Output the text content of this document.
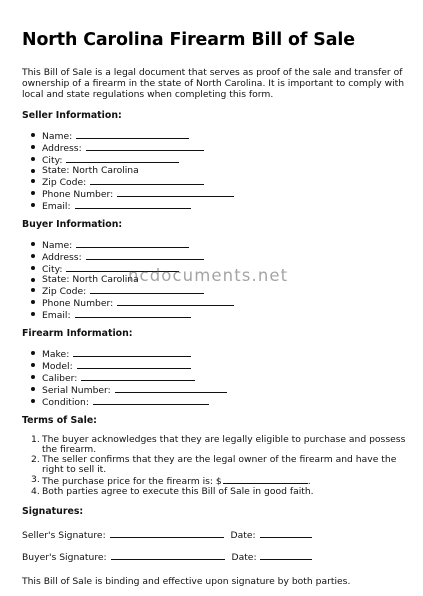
North Carolina Firearm Bill of Sale

This Bill of Sale is a legal document that serves as proof of the sale and transfer of ownership of a firearm in the state of North Carolina. It is important to comply with local and state regulations when completing this form.

Seller Information:
Name:
Address:
City:
State: North Carolina
Zip Code:
Phone Number:
Email:
Buyer Information:
Name:
Address:
City:
State: North Carolina
Zip Code:
Phone Number:
Email:
Firearm Information:
Make:
Model:
Caliber:
Serial Number:
Condition:
Terms of Sale:
1. The buyer acknowledges that they are legally eligible to purchase and possess the firearm.
2. The seller confirms that they are the legal owner of the firearm and have the right to sell it.
3. The purchase price for the firearm is: $	.
4. Both parties agree to execute this Bill of Sale in good faith.
Signatures:
Seller's Signature:	Date:
Buyer's Signature:	Date:

This Bill of Sale is binding and effective upon signature by both parties.

ncdocuments.net
